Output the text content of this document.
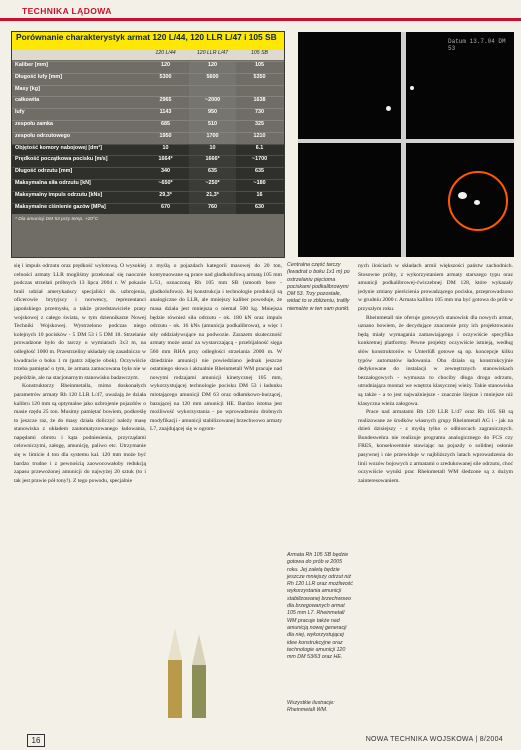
TECHNIKA LĄDOWA
Porównanie charakterystyk armat 120 L/44, 120 LLR L/47 i 105 SB
120 L/44	120 LLR L/47	105 SB
Kaliber [mm]	120	120	105
Długość lufy [mm]	5300	5600	5350
Masy [kg]
całkowita	2965	~2000	1638
lufy	1143	950	730
zespołu zamka	685	510	325
zespołu odrzutowego	1950	1700	1210
Objętość komory nabojowej [dm³]	10	10	6.1
Prędkość początkowa pocisku [m/s]	1664*	1666*	~1700
Długość odrzutu [mm]	340	635	635
Maksymalna siła odrzutu [kN]	~650*	~250*	~180
Maksymalny impuls odrzutu [kNs]	29,3*	21,3*	16
Maksymalne ciśnienie gazów [MPa]	670	760	630
* Dla amunicji DM 53 przy temp. +20°C
Datum 13.7.04 DM 53

się i impuls odrzutu oraz prędkość wylotową. O wysokiej celności armaty LLR mogliśmy przekonać się naocznie podczas strzelań próbnych 13 lipca 2004 r. W pokazie brali udział amerykańscy specjaliści ds. uzbrojenia, oficerowie brytyjscy i norwescy, reprezentanci japońskiego przemysłu, a także przedstawiciele prasy wojskowej z całego świata, w tym dziennikarze Nowej Techniki Wojskowej. Wystrzelono podczas niego kolejnych 10 pocisków - 5 DM 53 i 5 DM 18. Strzelanie prowadzone było do tarczy o wymiarach 3x3 m, na odległość 1000 m. Przestrzeliny układały się zasadniczo w kwadracie o boku 1 m (patrz zdjęcie obok). Oczywiście trzeba pamiętać o tym, że armata zamocowana była nie w pojeździe, ale na stacjonarnym stanowisku badawczym.

Konstruktorzy Rheinmetalla, mimo doskonałych parametrów armaty Rh 120 LLR L/47, uważają że działa kalibru 120 mm są optymalne jako uzbrojenie pojazdów o masie rzędu 25 ton. Musimy pamiętać bowiem, podkreślę to jeszcze raz, że do masy działa doliczyć należy masę stanowiska z układem zautomatyzowanego ładowania, napędami obrotu i kąta podniesienia, przyrządami celowniczymi, załogę, amunicję, paliwo etc. Utrzymanie się w limicie 4 ton dla systemu kal. 120 mm może być bardzo trudne i z pewnością zaowocowałoby redukcją zapasu przewożonej amunicji do najwyżej 20 sztuk (to i tak jest prawie pół tony!). Z tego powodu, specjalnie

z myślą o pojazdach kategorii masowej do 20 ton, kontynuowane są prace nad gładkolufową armatą 105 mm L/51, oznaczoną Rh 105 mm SB (smooth bore - gładkolufowa). Jej konstrukcja i technologie produkcji są analogiczne do LLR, ale mniejszy kaliber powoduje, że masa działa jest mniejsza o niemal 500 kg. Mniejsza będzie również siła odrzutu - ok. 180 kN oraz impuls odrzutu - ok. 16 kNs (amunicja podkalibrowa), a więc i siły oddziaływujące na podwozie. Zarazem skuteczność armaty może ustać za wystarczającą - przebijalność sięga 560 mm RHA przy odległości strzelania 2000 m. W dziedzinie amunicji nie powiedziano jednak jeszcze ostatniego słowa i aktualnie Rheinmetall WM pracuje nad nowymi rodzajami amunicji kinetycznej 105 mm, wykorzystującej technologie pocisku DM 53 i ładunku miotającego amunicji DM 63 oraz odłamkowo-burzącej, bazującej na 120 mm amunicji HE. Bardzo istotna jest możliwość wykorzystania - po wprowadzeniu drobnych modyfikacji - amunicji stabilizowanej brzechwowo armaty L7, znajdującej się w ogrom-

Centralna część tarczy (kwadrat o boku 1x1 m) po ostrzelaniu pięcioma pociskami podkalibrowymi DM 53. Trzy pozostałe, widać to w zbliżeniu, trafiły niemalże w ten sam punkt.
Armata Rh 105 SB będzie gotowa do prób w 2005 roku. Jej zaletą będzie jeszcze mniejszy odrzut niż Rh 120 LLR oraz możliwość wykorzystania amunicji stabilizowanej brzechwowo dla brzegowanych armat 105 mm L7. Rheinmetall WM pracuje także nad amunicją nowej generacji dla niej, wykorzystującej idee konstrukcyjne oraz technologie amunicji 120 mm DM 53/63 oraz HE.
Wszystkie ilustracje: Rheinmetall WM.

nych ilościach w składach armii większości państw zachodnich. Stosowne próby, z wykorzystaniem armaty starszego typu oraz amunicji podkalibrowej-ćwiczebnej DM 128, które wykazały jedynie zmiany pierścienia prowadzącego pocisku, przeprowadzono w grudniu 2000 r. Armata kalibru 105 mm ma być gotowa do prób w przyszłym roku.

Rheinmetall nie oferuje gotowych stanowisk dla nowych armat, uznano bowiem, że decydujące znaczenie przy ich projektowaniu będą miały wymagania zamawiającego i oczywiście specyfika konkretnej platformy. Pewne projekty oczywiście istnieją, według słów konstruktorów w Unterlüß gotowe są np. koncepcje kilku typów automatów ładowania. Oba działa są konstrukcyjnie dedykowane do instalacji w zewnętrznych stanowiskach bezzałogowych - wymusza to chociby długa droga odrzutu, utrudniająca montaż we wnętrzu klasycznej wieży. Takie stanowiska są także - a to jest najważniejsze - znacznie lżejsze i mniejsze niż klasyczna wieża załogowa.

Prace nad armatami Rh 120 LLR L/47 oraz Rh 105 SB są realizowane ze środków własnych grupy Rheinmetall AG i - jak na dzień dzisiejszy - z myślą tylko o odbiorcach zagranicznych. Bundeswehra nie realizuje programu analogicznego do FCS czy FRES, konsekwentnie stawiając na pojazdy o solidnej osłonie pasywnej i nie przewiduje w najbliższych latach wprowadzenia do linii wozów bojowych z armatami o zredukowanej sile odrzutu, choć oczywiście wyniki prac Rheinmetall WM śledzone są z dużym zainteresowaniem.

16	NOWA TECHNIKA WOJSKOWA | 8/2004
